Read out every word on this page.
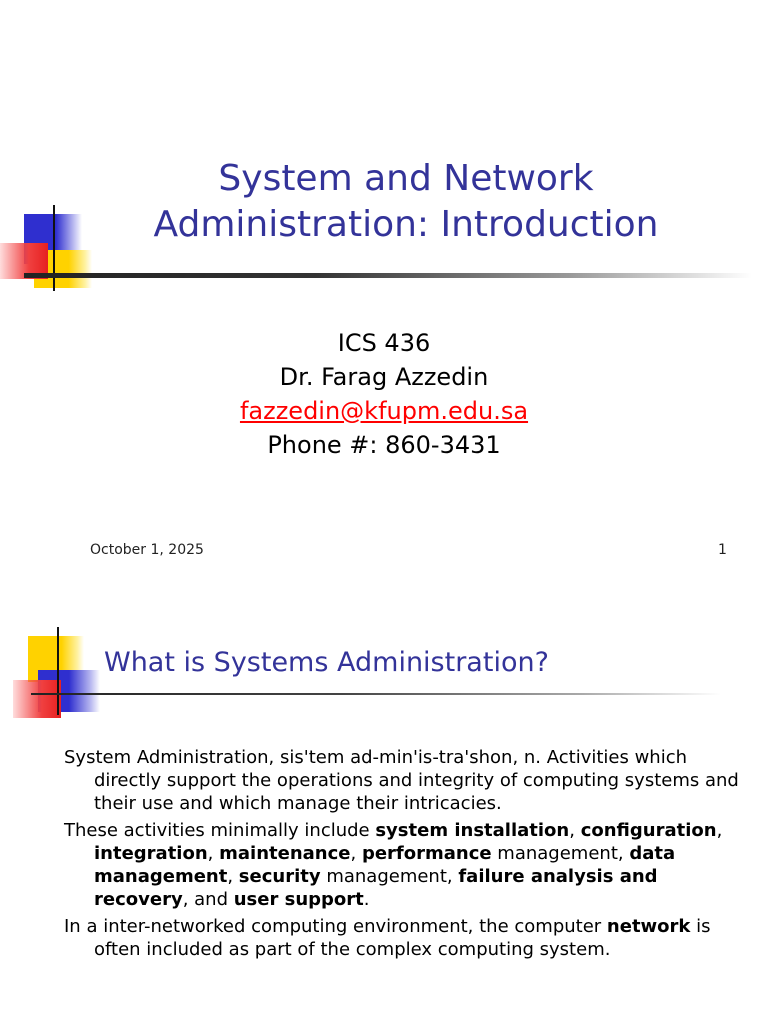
System and Network
Administration: Introduction
ICS 436
Dr. Farag Azzedin
fazzedin@kfupm.edu.sa
Phone #: 860-3431
October 1, 2025	1
What is Systems Administration?

System Administration, sis'tem ad-min'is-tra'shon, n. Activities which directly support the operations and integrity of computing systems and their use and which manage their intricacies.

These activities minimally include system installation, configuration, integration, maintenance, performance management, data management, security management, failure analysis and recovery, and user support.

In a inter-networked computing environment, the computer network is often included as part of the complex computing system.
